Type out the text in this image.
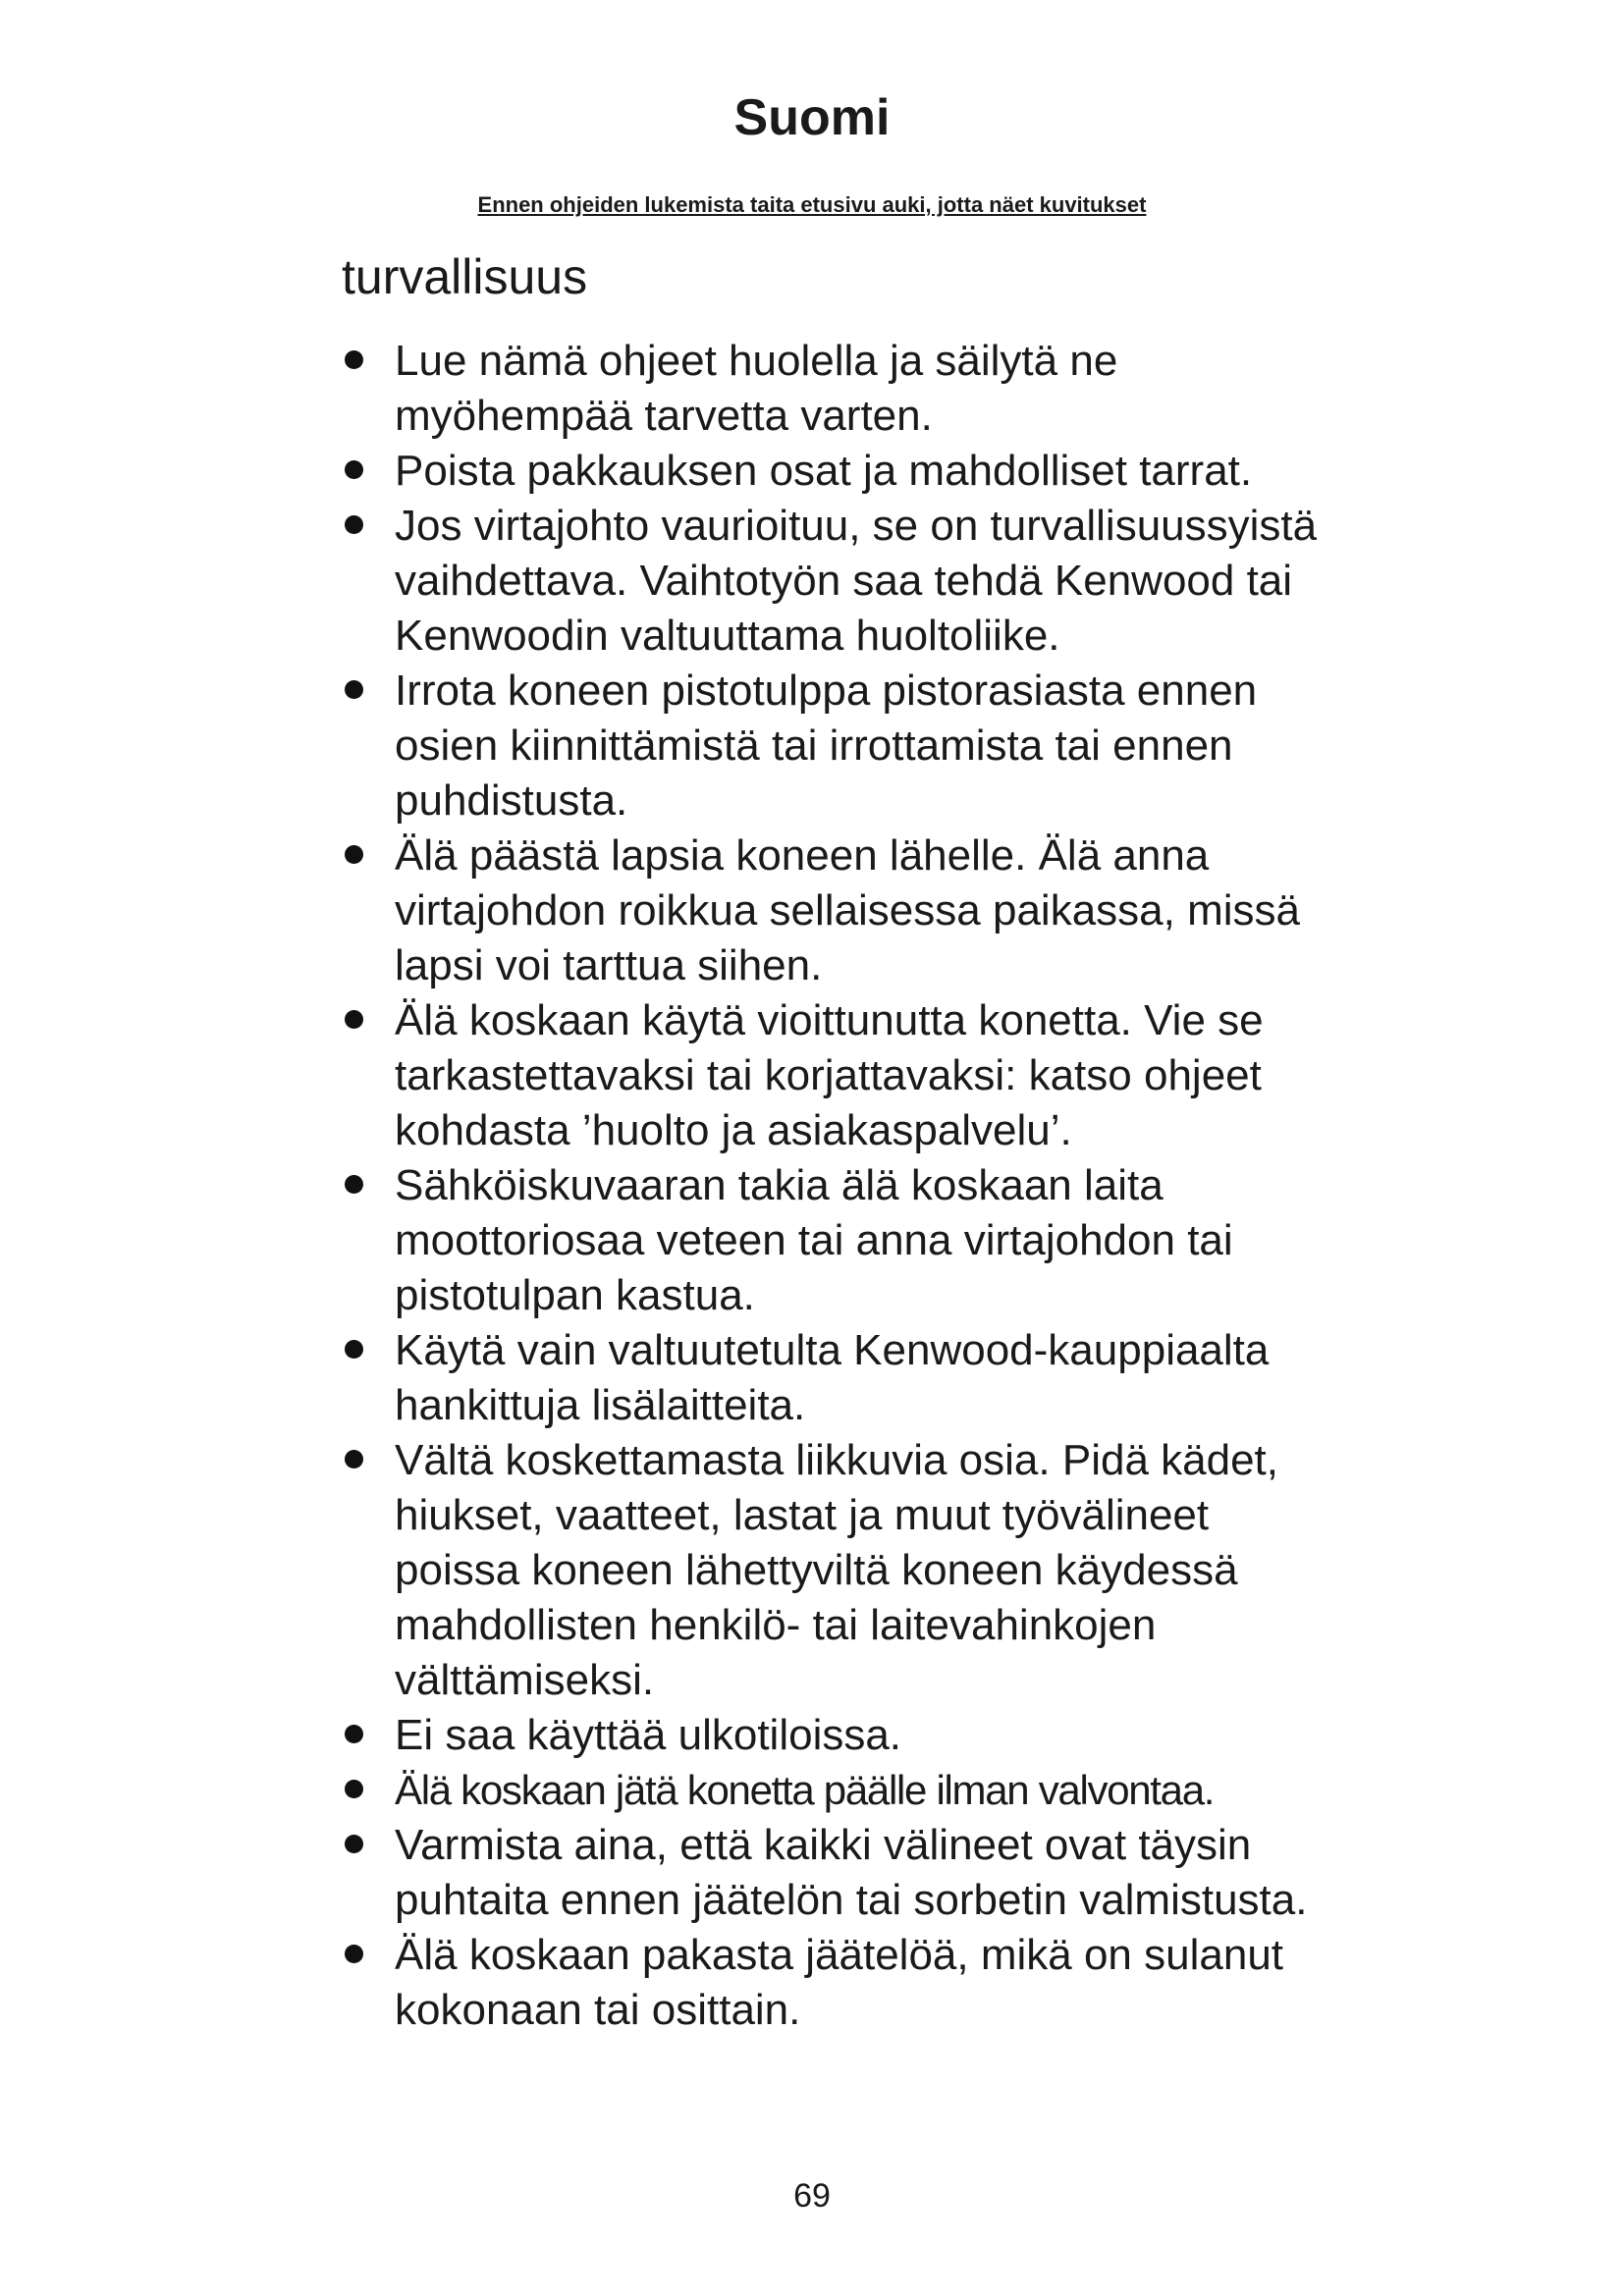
Suomi

Ennen ohjeiden lukemista taita etusivu auki, jotta näet kuvitukset

turvallisuus
Lue nämä ohjeet huolella ja säilytä ne myöhempää tarvetta varten.
Poista pakkauksen osat ja mahdolliset tarrat.
Jos virtajohto vaurioituu, se on turvallisuussyistä vaihdettava. Vaihtotyön saa tehdä Kenwood tai Kenwoodin valtuuttama huoltoliike.
Irrota koneen pistotulppa pistorasiasta ennen osien kiinnittämistä tai irrottamista tai ennen puhdistusta.
Älä päästä lapsia koneen lähelle. Älä anna virtajohdon roikkua sellaisessa paikassa, missä lapsi voi tarttua siihen.
Älä koskaan käytä vioittunutta konetta. Vie se tarkastettavaksi tai korjattavaksi: katso ohjeet kohdasta ’huolto ja asiakaspalvelu’.
Sähköiskuvaaran takia älä koskaan laita moottoriosaa veteen tai anna virtajohdon tai pistotulpan kastua.
Käytä vain valtuutetulta Kenwood-kauppiaalta hankittuja lisälaitteita.
Vältä koskettamasta liikkuvia osia. Pidä kädet, hiukset, vaatteet, lastat ja muut työvälineet poissa koneen lähettyviltä koneen käydessä mahdollisten henkilö- tai laitevahinkojen välttämiseksi.
Ei saa käyttää ulkotiloissa.
Älä koskaan jätä konetta päälle ilman valvontaa.
Varmista aina, että kaikki välineet ovat täysin puhtaita ennen jäätelön tai sorbetin valmistusta.
Älä koskaan pakasta jäätelöä, mikä on sulanut kokonaan tai osittain.

69
